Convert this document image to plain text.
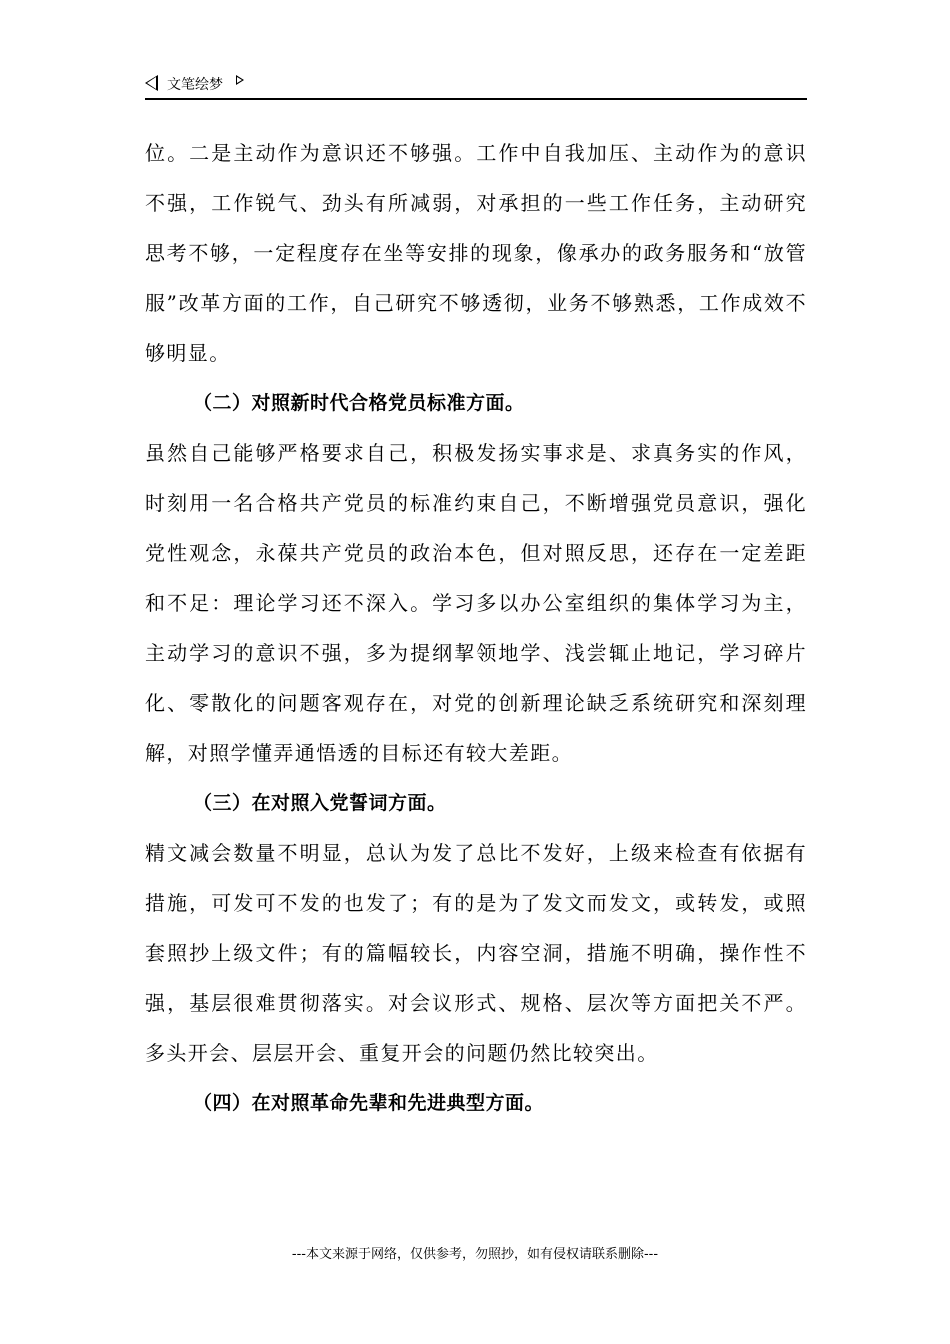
文笔绘梦

位。二是主动作为意识还不够强。工作中自我加压、主动作为的意识不强，工作锐气、劲头有所减弱，对承担的一些工作任务，主动研究思考不够，一定程度存在坐等安排的现象，像承办的政务服务和“放管服”改革方面的工作，自己研究不够透彻，业务不够熟悉，工作成效不够明显。

（二）对照新时代合格党员标准方面。

虽然自己能够严格要求自己，积极发扬实事求是、求真务实的作风，时刻用一名合格共产党员的标准约束自己，不断增强党员意识，强化党性观念，永葆共产党员的政治本色，但对照反思，还存在一定差距和不足：理论学习还不深入。学习多以办公室组织的集体学习为主，主动学习的意识不强，多为提纲挈领地学、浅尝辄止地记，学习碎片化、零散化的问题客观存在，对党的创新理论缺乏系统研究和深刻理解，对照学懂弄通悟透的目标还有较大差距。

（三）在对照入党誓词方面。

精文减会数量不明显，总认为发了总比不发好，上级来检查有依据有措施，可发可不发的也发了；有的是为了发文而发文，或转发，或照套照抄上级文件；有的篇幅较长，内容空洞，措施不明确，操作性不强，基层很难贯彻落实。对会议形式、规格、层次等方面把关不严。多头开会、层层开会、重复开会的问题仍然比较突出。

（四）在对照革命先辈和先进典型方面。

---本文来源于网络，仅供参考，勿照抄，如有侵权请联系删除---
